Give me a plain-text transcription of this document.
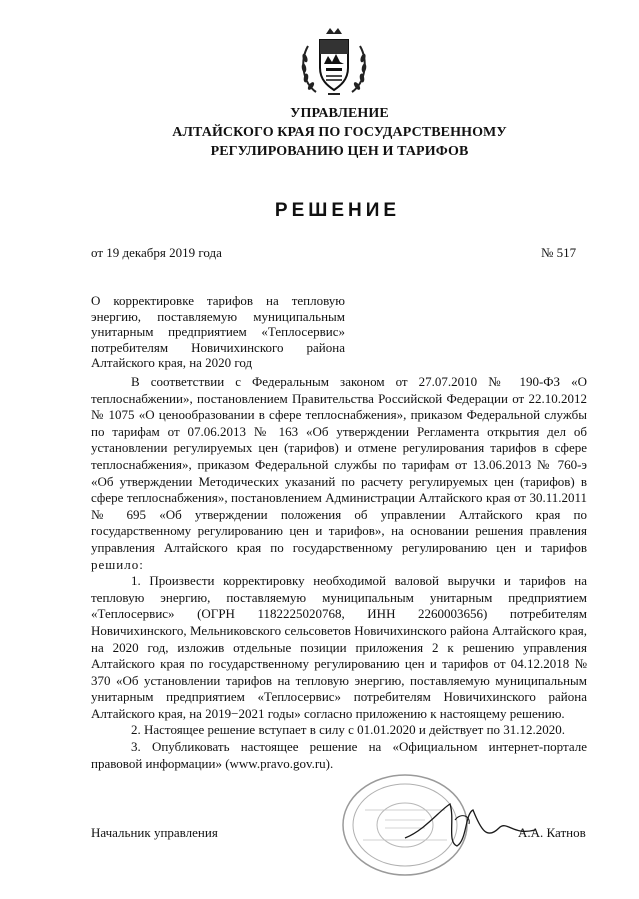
УПРАВЛЕНИЕ
АЛТАЙСКОГО КРАЯ ПО ГОСУДАРСТВЕННОМУ
РЕГУЛИРОВАНИЮ ЦЕН И ТАРИФОВ
РЕШЕНИЕ
от 19 декабря 2019 года	№ 517
О корректировке тарифов на тепловую энергию, поставляемую муниципальным унитарным предприятием «Теплосервис» потребителям Новичихинского района Алтайского края, на 2020 год

В соответствии с Федеральным законом от 27.07.2010 № 190-ФЗ «О теплоснабжении», постановлением Правительства Российской Федерации от 22.10.2012 № 1075 «О ценообразовании в сфере теплоснабжения», приказом Федеральной службы по тарифам от 07.06.2013 № 163 «Об утверждении Регламента открытия дел об установлении регулируемых цен (тарифов) и отмене регулирования тарифов в сфере теплоснабжения», приказом Федеральной службы по тарифам от 13.06.2013 № 760-э «Об утверждении Методических указаний по расчету регулируемых цен (тарифов) в сфере теплоснабжения», постановлением Администрации Алтайского края от 30.11.2011 № 695 «Об утверждении положения об управлении Алтайского края по государственному регулированию цен и тарифов», на основании решения правления управления Алтайского края по государственному регулированию цен и тарифов решило:

1. Произвести корректировку необходимой валовой выручки и тарифов на тепловую энергию, поставляемую муниципальным унитарным предприятием «Теплосервис» (ОГРН 1182225020768, ИНН 2260003656) потребителям Новичихинского, Мельниковского сельсоветов Новичихинского района Алтайского края, на 2020 год, изложив отдельные позиции приложения 2 к решению управления Алтайского края по государственному регулированию цен и тарифов от 04.12.2018 № 370 «Об установлении тарифов на тепловую энергию, поставляемую муниципальным унитарным предприятием «Теплосервис» потребителям Новичихинского района Алтайского края, на 2019−2021 годы» согласно приложению к настоящему решению.

2. Настоящее решение вступает в силу с 01.01.2020 и действует по 31.12.2020.

3. Опубликовать настоящее решение на «Официальном интернет-портале правовой информации» (www.pravo.gov.ru).

Начальник управления	А.А. Катнов
